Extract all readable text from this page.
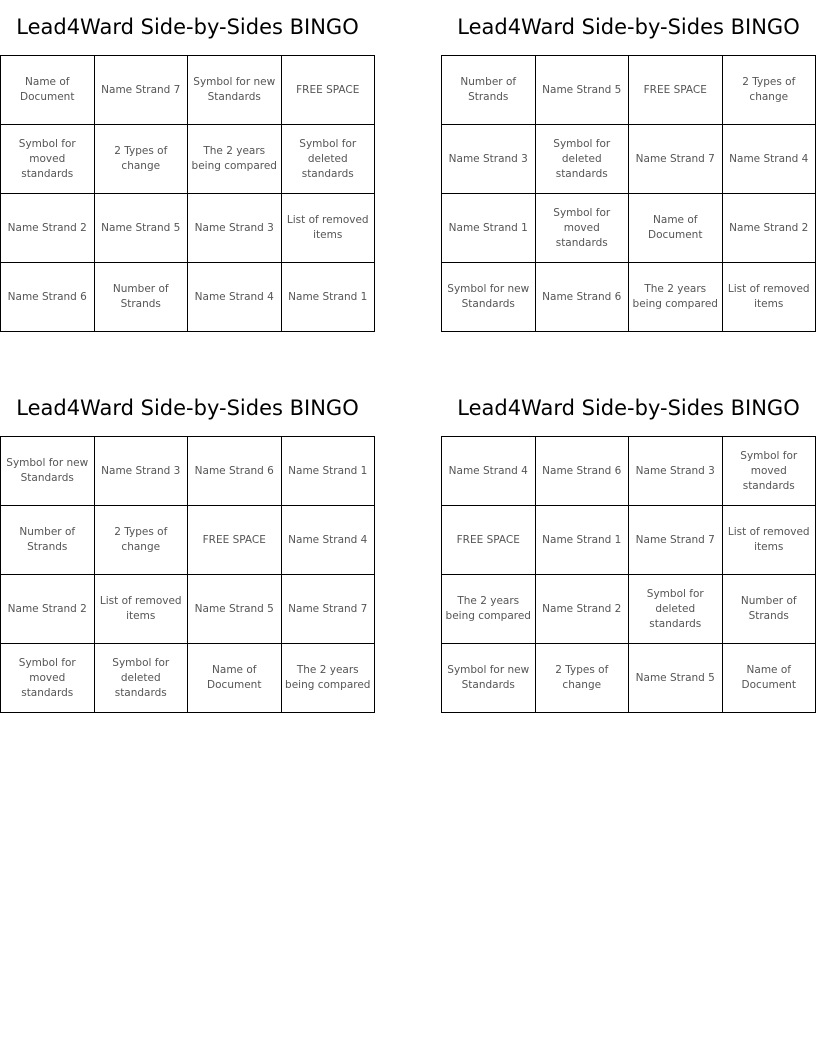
Lead4Ward Side-by-Sides BINGO
Name of Document	Name Strand 7	Symbol for new Standards	FREE SPACE
Symbol for moved standards	2 Types of change	The 2 years being compared	Symbol for deleted standards
Name Strand 2	Name Strand 5	Name Strand 3	List of removed items
Name Strand 6	Number of Strands	Name Strand 4	Name Strand 1
Lead4Ward Side-by-Sides BINGO
Number of Strands	Name Strand 5	FREE SPACE	2 Types of change
Name Strand 3	Symbol for deleted standards	Name Strand 7	Name Strand 4
Name Strand 1	Symbol for moved standards	Name of Document	Name Strand 2
Symbol for new Standards	Name Strand 6	The 2 years being compared	List of removed items
Lead4Ward Side-by-Sides BINGO
Symbol for new Standards	Name Strand 3	Name Strand 6	Name Strand 1
Number of Strands	2 Types of change	FREE SPACE	Name Strand 4
Name Strand 2	List of removed items	Name Strand 5	Name Strand 7
Symbol for moved standards	Symbol for deleted standards	Name of Document	The 2 years being compared
Lead4Ward Side-by-Sides BINGO
Name Strand 4	Name Strand 6	Name Strand 3	Symbol for moved standards
FREE SPACE	Name Strand 1	Name Strand 7	List of removed items
The 2 years being compared	Name Strand 2	Symbol for deleted standards	Number of Strands
Symbol for new Standards	2 Types of change	Name Strand 5	Name of Document
